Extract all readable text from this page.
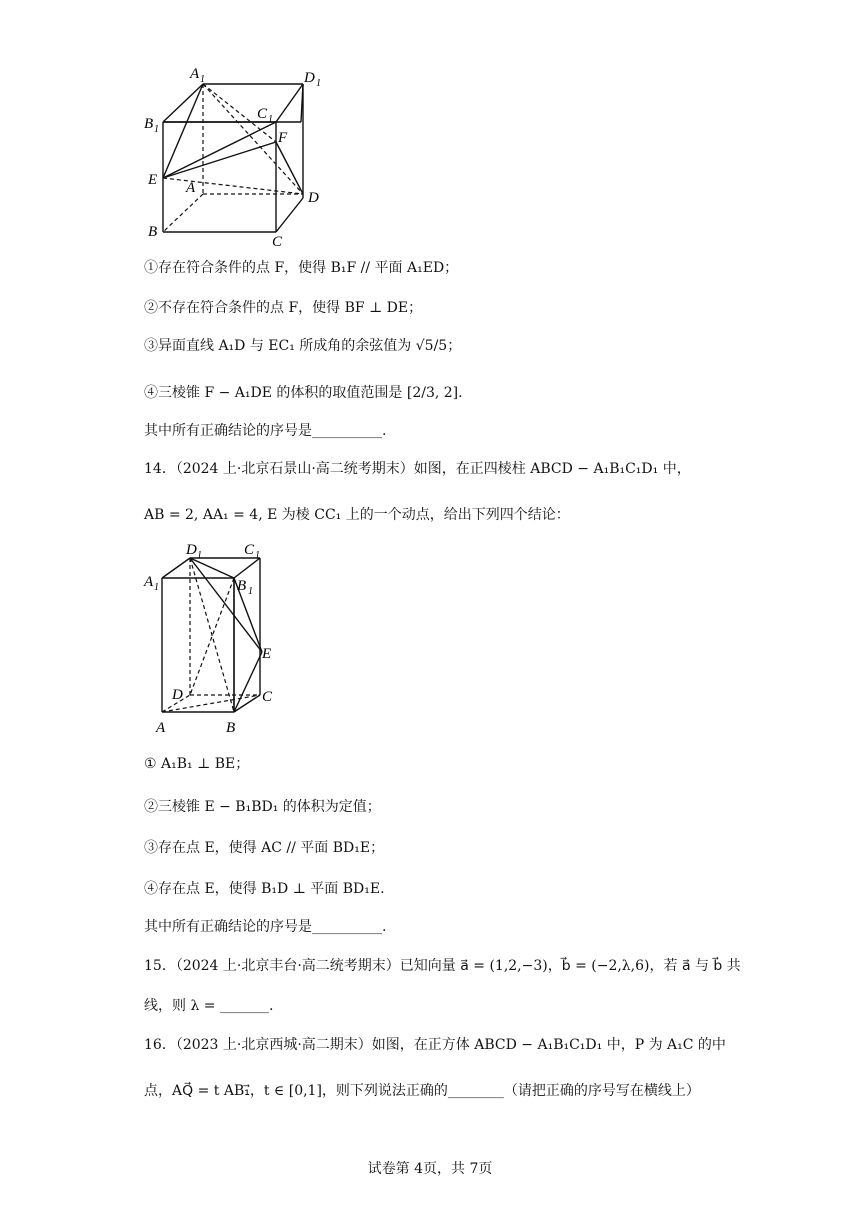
A 1	D 1
B 1
C 1
F
E A
D
B
C
①存在符合条件的点 F，使得 B₁F // 平面 A₁ED；
②不存在符合条件的点 F，使得 BF ⊥ DE；
③异面直线 A₁D 与 EC₁ 所成角的余弦值为 √5/5；
④三棱锥 F − A₁DE 的体积的取值范围是 [2/3, 2].
其中所有正确结论的序号是__________.
14．（2024 上·北京石景山·高二统考期末）如图，在正四棱柱 ABCD − A₁B₁C₁D₁ 中，
AB = 2, AA₁ = 4, E 为棱 CC₁ 上的一个动点，给出下列四个结论：
D 1	C 1
A 1	B 1
E
D	C
A	B
① A₁B₁ ⊥ BE；
②三棱锥 E − B₁BD₁ 的体积为定值；
③存在点 E，使得 AC // 平面 BD₁E；
④存在点 E，使得 B₁D ⊥ 平面 BD₁E.
其中所有正确结论的序号是__________.
15．（2024 上·北京丰台·高二统考期末）已知向量 a⃗ = (1,2,−3)，b⃗ = (−2,λ,6)，若 a⃗ 与 b⃗ 共
线，则 λ = _______.
16．（2023 上·北京西城·高二期末）如图，在正方体 ABCD − A₁B₁C₁D₁ 中，P 为 A₁C 的中
点，AQ⃗ = t AB₁⃗，t ∈ [0,1]，则下列说法正确的________（请把正确的序号写在横线上）
试卷第 4页，共 7页
